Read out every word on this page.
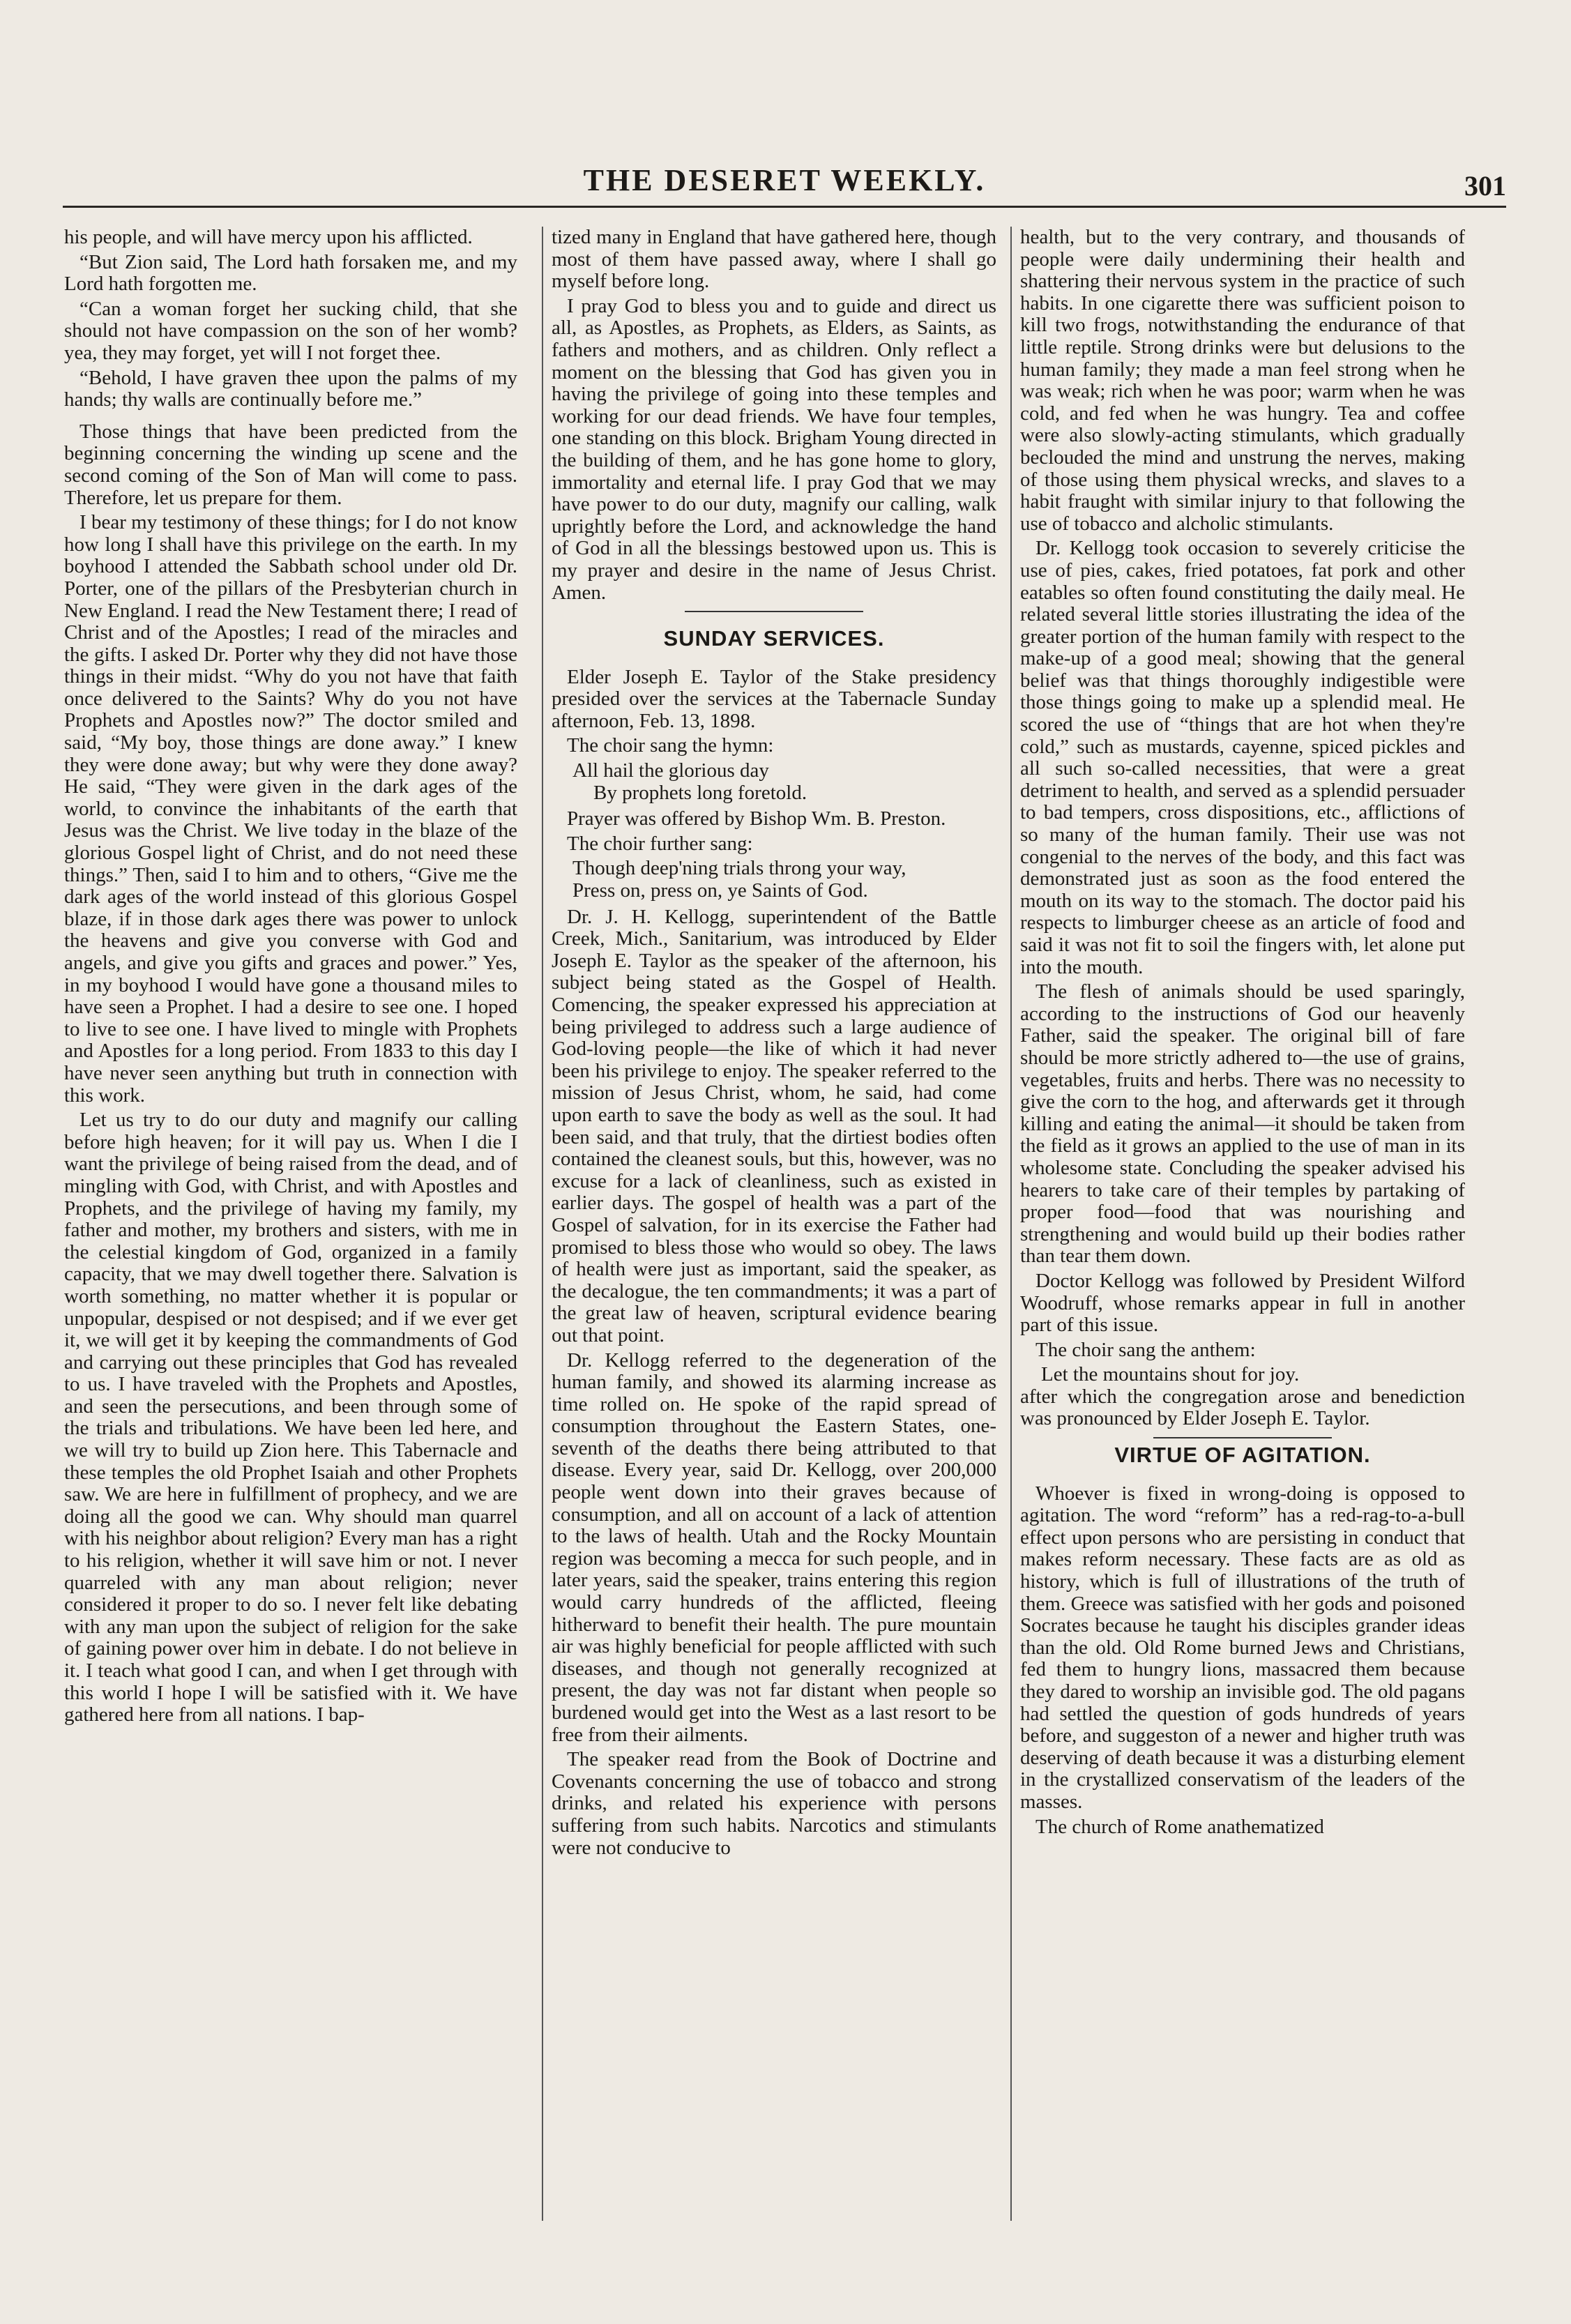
THE DESERET WEEKLY.	301

his people, and will have mercy upon his afflicted.

“But Zion said, The Lord hath forsaken me, and my Lord hath forgotten me.

“Can a woman forget her sucking child, that she should not have compassion on the son of her womb? yea, they may forget, yet will I not forget thee.

“Behold, I have graven thee upon the palms of my hands; thy walls are continually before me.”

Those things that have been predicted from the beginning concerning the winding up scene and the second coming of the Son of Man will come to pass. Therefore, let us prepare for them.

I bear my testimony of these things; for I do not know how long I shall have this privilege on the earth. In my boyhood I attended the Sabbath school under old Dr. Porter, one of the pillars of the Presbyterian church in New England. I read the New Testament there; I read of Christ and of the Apostles; I read of the miracles and the gifts. I asked Dr. Porter why they did not have those things in their midst. “Why do you not have that faith once delivered to the Saints? Why do you not have Prophets and Apostles now?” The doctor smiled and said, “My boy, those things are done away.” I knew they were done away; but why were they done away? He said, “They were given in the dark ages of the world, to convince the inhabitants of the earth that Jesus was the Christ. We live today in the blaze of the glorious Gospel light of Christ, and do not need these things.” Then, said I to him and to others, “Give me the dark ages of the world instead of this glorious Gospel blaze, if in those dark ages there was power to unlock the heavens and give you converse with God and angels, and give you gifts and graces and power.” Yes, in my boyhood I would have gone a thousand miles to have seen a Prophet. I had a desire to see one. I hoped to live to see one. I have lived to mingle with Prophets and Apostles for a long period. From 1833 to this day I have never seen anything but truth in connection with this work.

Let us try to do our duty and magnify our calling before high heaven; for it will pay us. When I die I want the privilege of being raised from the dead, and of mingling with God, with Christ, and with Apostles and Prophets, and the privilege of having my family, my father and mother, my brothers and sisters, with me in the celestial kingdom of God, organized in a family capacity, that we may dwell together there. Salvation is worth something, no matter whether it is popular or unpopular, despised or not despised; and if we ever get it, we will get it by keeping the commandments of God and carrying out these principles that God has revealed to us. I have traveled with the Prophets and Apostles, and seen the persecutions, and been through some of the trials and tribulations. We have been led here, and we will try to build up Zion here. This Tabernacle and these temples the old Prophet Isaiah and other Prophets saw. We are here in fulfillment of prophecy, and we are doing all the good we can. Why should man quarrel with his neighbor about religion? Every man has a right to his religion, whether it will save him or not. I never quarreled with any man about religion; never considered it proper to do so. I never felt like debating with any man upon the subject of religion for the sake of gaining power over him in debate. I do not believe in it. I teach what good I can, and when I get through with this world I hope I will be satisfied with it. We have gathered here from all nations. I bap-

tized many in England that have gathered here, though most of them have passed away, where I shall go myself before long.

I pray God to bless you and to guide and direct us all, as Apostles, as Prophets, as Elders, as Saints, as fathers and mothers, and as children. Only reflect a moment on the blessing that God has given you in having the privilege of going into these temples and working for our dead friends. We have four temples, one standing on this block. Brigham Young directed in the building of them, and he has gone home to glory, immortality and eternal life. I pray God that we may have power to do our duty, magnify our calling, walk uprightly before the Lord, and acknowledge the hand of God in all the blessings bestowed upon us. This is my prayer and desire in the name of Jesus Christ. Amen.

SUNDAY SERVICES.

Elder Joseph E. Taylor of the Stake presidency presided over the services at the Tabernacle Sunday afternoon, Feb. 13, 1898.

The choir sang the hymn:

All hail the glorious day

By prophets long foretold.

Prayer was offered by Bishop Wm. B. Preston.

The choir further sang:

Though deep'ning trials throng your way,

Press on, press on, ye Saints of God.

Dr. J. H. Kellogg, superintendent of the Battle Creek, Mich., Sanitarium, was introduced by Elder Joseph E. Taylor as the speaker of the afternoon, his subject being stated as the Gospel of Health. Comencing, the speaker expressed his appreciation at being privileged to address such a large audience of God-loving people—the like of which it had never been his privilege to enjoy. The speaker referred to the mission of Jesus Christ, whom, he said, had come upon earth to save the body as well as the soul. It had been said, and that truly, that the dirtiest bodies often contained the cleanest souls, but this, however, was no excuse for a lack of cleanliness, such as existed in earlier days. The gospel of health was a part of the Gospel of salvation, for in its exercise the Father had promised to bless those who would so obey. The laws of health were just as important, said the speaker, as the decalogue, the ten commandments; it was a part of the great law of heaven, scriptural evidence bearing out that point.

Dr. Kellogg referred to the degeneration of the human family, and showed its alarming increase as time rolled on. He spoke of the rapid spread of consumption throughout the Eastern States, one-seventh of the deaths there being attributed to that disease. Every year, said Dr. Kellogg, over 200,000 people went down into their graves because of consumption, and all on account of a lack of attention to the laws of health. Utah and the Rocky Mountain region was becoming a mecca for such people, and in later years, said the speaker, trains entering this region would carry hundreds of the afflicted, fleeing hitherward to benefit their health. The pure mountain air was highly beneficial for people afflicted with such diseases, and though not generally recognized at present, the day was not far distant when people so burdened would get into the West as a last resort to be free from their ailments.

The speaker read from the Book of Doctrine and Covenants concerning the use of tobacco and strong drinks, and related his experience with persons suffering from such habits. Narcotics and stimulants were not conducive to

health, but to the very contrary, and thousands of people were daily undermining their health and shattering their nervous system in the practice of such habits. In one cigarette there was sufficient poison to kill two frogs, notwithstanding the endurance of that little reptile. Strong drinks were but delusions to the human family; they made a man feel strong when he was weak; rich when he was poor; warm when he was cold, and fed when he was hungry. Tea and coffee were also slowly-acting stimulants, which gradually beclouded the mind and unstrung the nerves, making of those using them physical wrecks, and slaves to a habit fraught with similar injury to that following the use of tobacco and alcholic stimulants.

Dr. Kellogg took occasion to severely criticise the use of pies, cakes, fried potatoes, fat pork and other eatables so often found constituting the daily meal. He related several little stories illustrating the idea of the greater portion of the human family with respect to the make-up of a good meal; showing that the general belief was that things thoroughly indigestible were those things going to make up a splendid meal. He scored the use of “things that are hot when they're cold,” such as mustards, cayenne, spiced pickles and all such so-called necessities, that were a great detriment to health, and served as a splendid persuader to bad tempers, cross dispositions, etc., afflictions of so many of the human family. Their use was not congenial to the nerves of the body, and this fact was demonstrated just as soon as the food entered the mouth on its way to the stomach. The doctor paid his respects to limburger cheese as an article of food and said it was not fit to soil the fingers with, let alone put into the mouth.

The flesh of animals should be used sparingly, according to the instructions of God our heavenly Father, said the speaker. The original bill of fare should be more strictly adhered to—the use of grains, vegetables, fruits and herbs. There was no necessity to give the corn to the hog, and afterwards get it through killing and eating the animal—it should be taken from the field as it grows an applied to the use of man in its wholesome state. Concluding the speaker advised his hearers to take care of their temples by partaking of proper food—food that was nourishing and strengthening and would build up their bodies rather than tear them down.

Doctor Kellogg was followed by President Wilford Woodruff, whose remarks appear in full in another part of this issue.

The choir sang the anthem:

Let the mountains shout for joy.

after which the congregation arose and benediction was pronounced by Elder Joseph E. Taylor.

VIRTUE OF AGITATION.

Whoever is fixed in wrong-doing is opposed to agitation. The word “reform” has a red-rag-to-a-bull effect upon persons who are persisting in conduct that makes reform necessary. These facts are as old as history, which is full of illustrations of the truth of them. Greece was satisfied with her gods and poisoned Socrates because he taught his disciples grander ideas than the old. Old Rome burned Jews and Christians, fed them to hungry lions, massacred them because they dared to worship an invisible god. The old pagans had settled the question of gods hundreds of years before, and suggeston of a newer and higher truth was deserving of death because it was a disturbing element in the crystallized conservatism of the leaders of the masses.

The church of Rome anathematized
